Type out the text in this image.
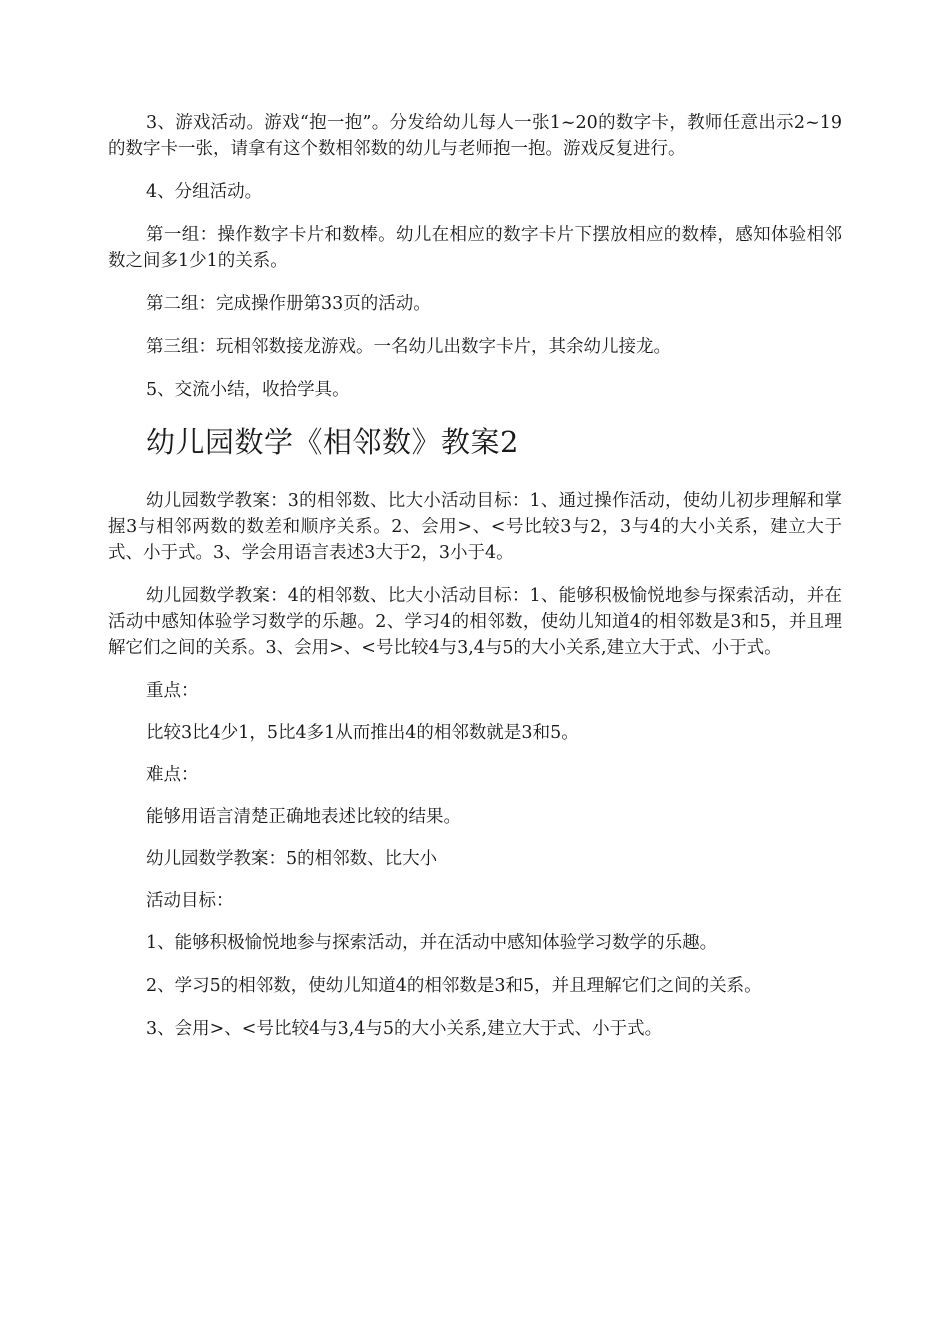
3、游戏活动。游戏“抱一抱”。分发给幼儿每人一张1~20的数字卡，教师任意出示2~19的数字卡一张，请拿有这个数相邻数的幼儿与老师抱一抱。游戏反复进行。

4、分组活动。

第一组：操作数字卡片和数棒。幼儿在相应的数字卡片下摆放相应的数棒，感知体验相邻数之间多1少1的关系。

第二组：完成操作册第33页的活动。

第三组：玩相邻数接龙游戏。一名幼儿出数字卡片，其余幼儿接龙。

5、交流小结，收拾学具。

幼儿园数学《相邻数》教案2

幼儿园数学教案：3的相邻数、比大小活动目标：1、通过操作活动，使幼儿初步理解和掌握3与相邻两数的数差和顺序关系。2、会用>、<号比较3与2，3与4的大小关系，建立大于式、小于式。3、学会用语言表述3大于2，3小于4。

幼儿园数学教案：4的相邻数、比大小活动目标：1、能够积极愉悦地参与探索活动，并在活动中感知体验学习数学的乐趣。2、学习4的相邻数，使幼儿知道4的相邻数是3和5，并且理解它们之间的关系。3、会用>、<号比较4与3,4与5的大小关系,建立大于式、小于式。

重点：

比较3比4少1，5比4多1从而推出4的相邻数就是3和5。

难点：

能够用语言清楚正确地表述比较的结果。

幼儿园数学教案：5的相邻数、比大小

活动目标：

1、能够积极愉悦地参与探索活动，并在活动中感知体验学习数学的乐趣。

2、学习5的相邻数，使幼儿知道4的相邻数是3和5，并且理解它们之间的关系。

3、会用>、<号比较4与3,4与5的大小关系,建立大于式、小于式。
